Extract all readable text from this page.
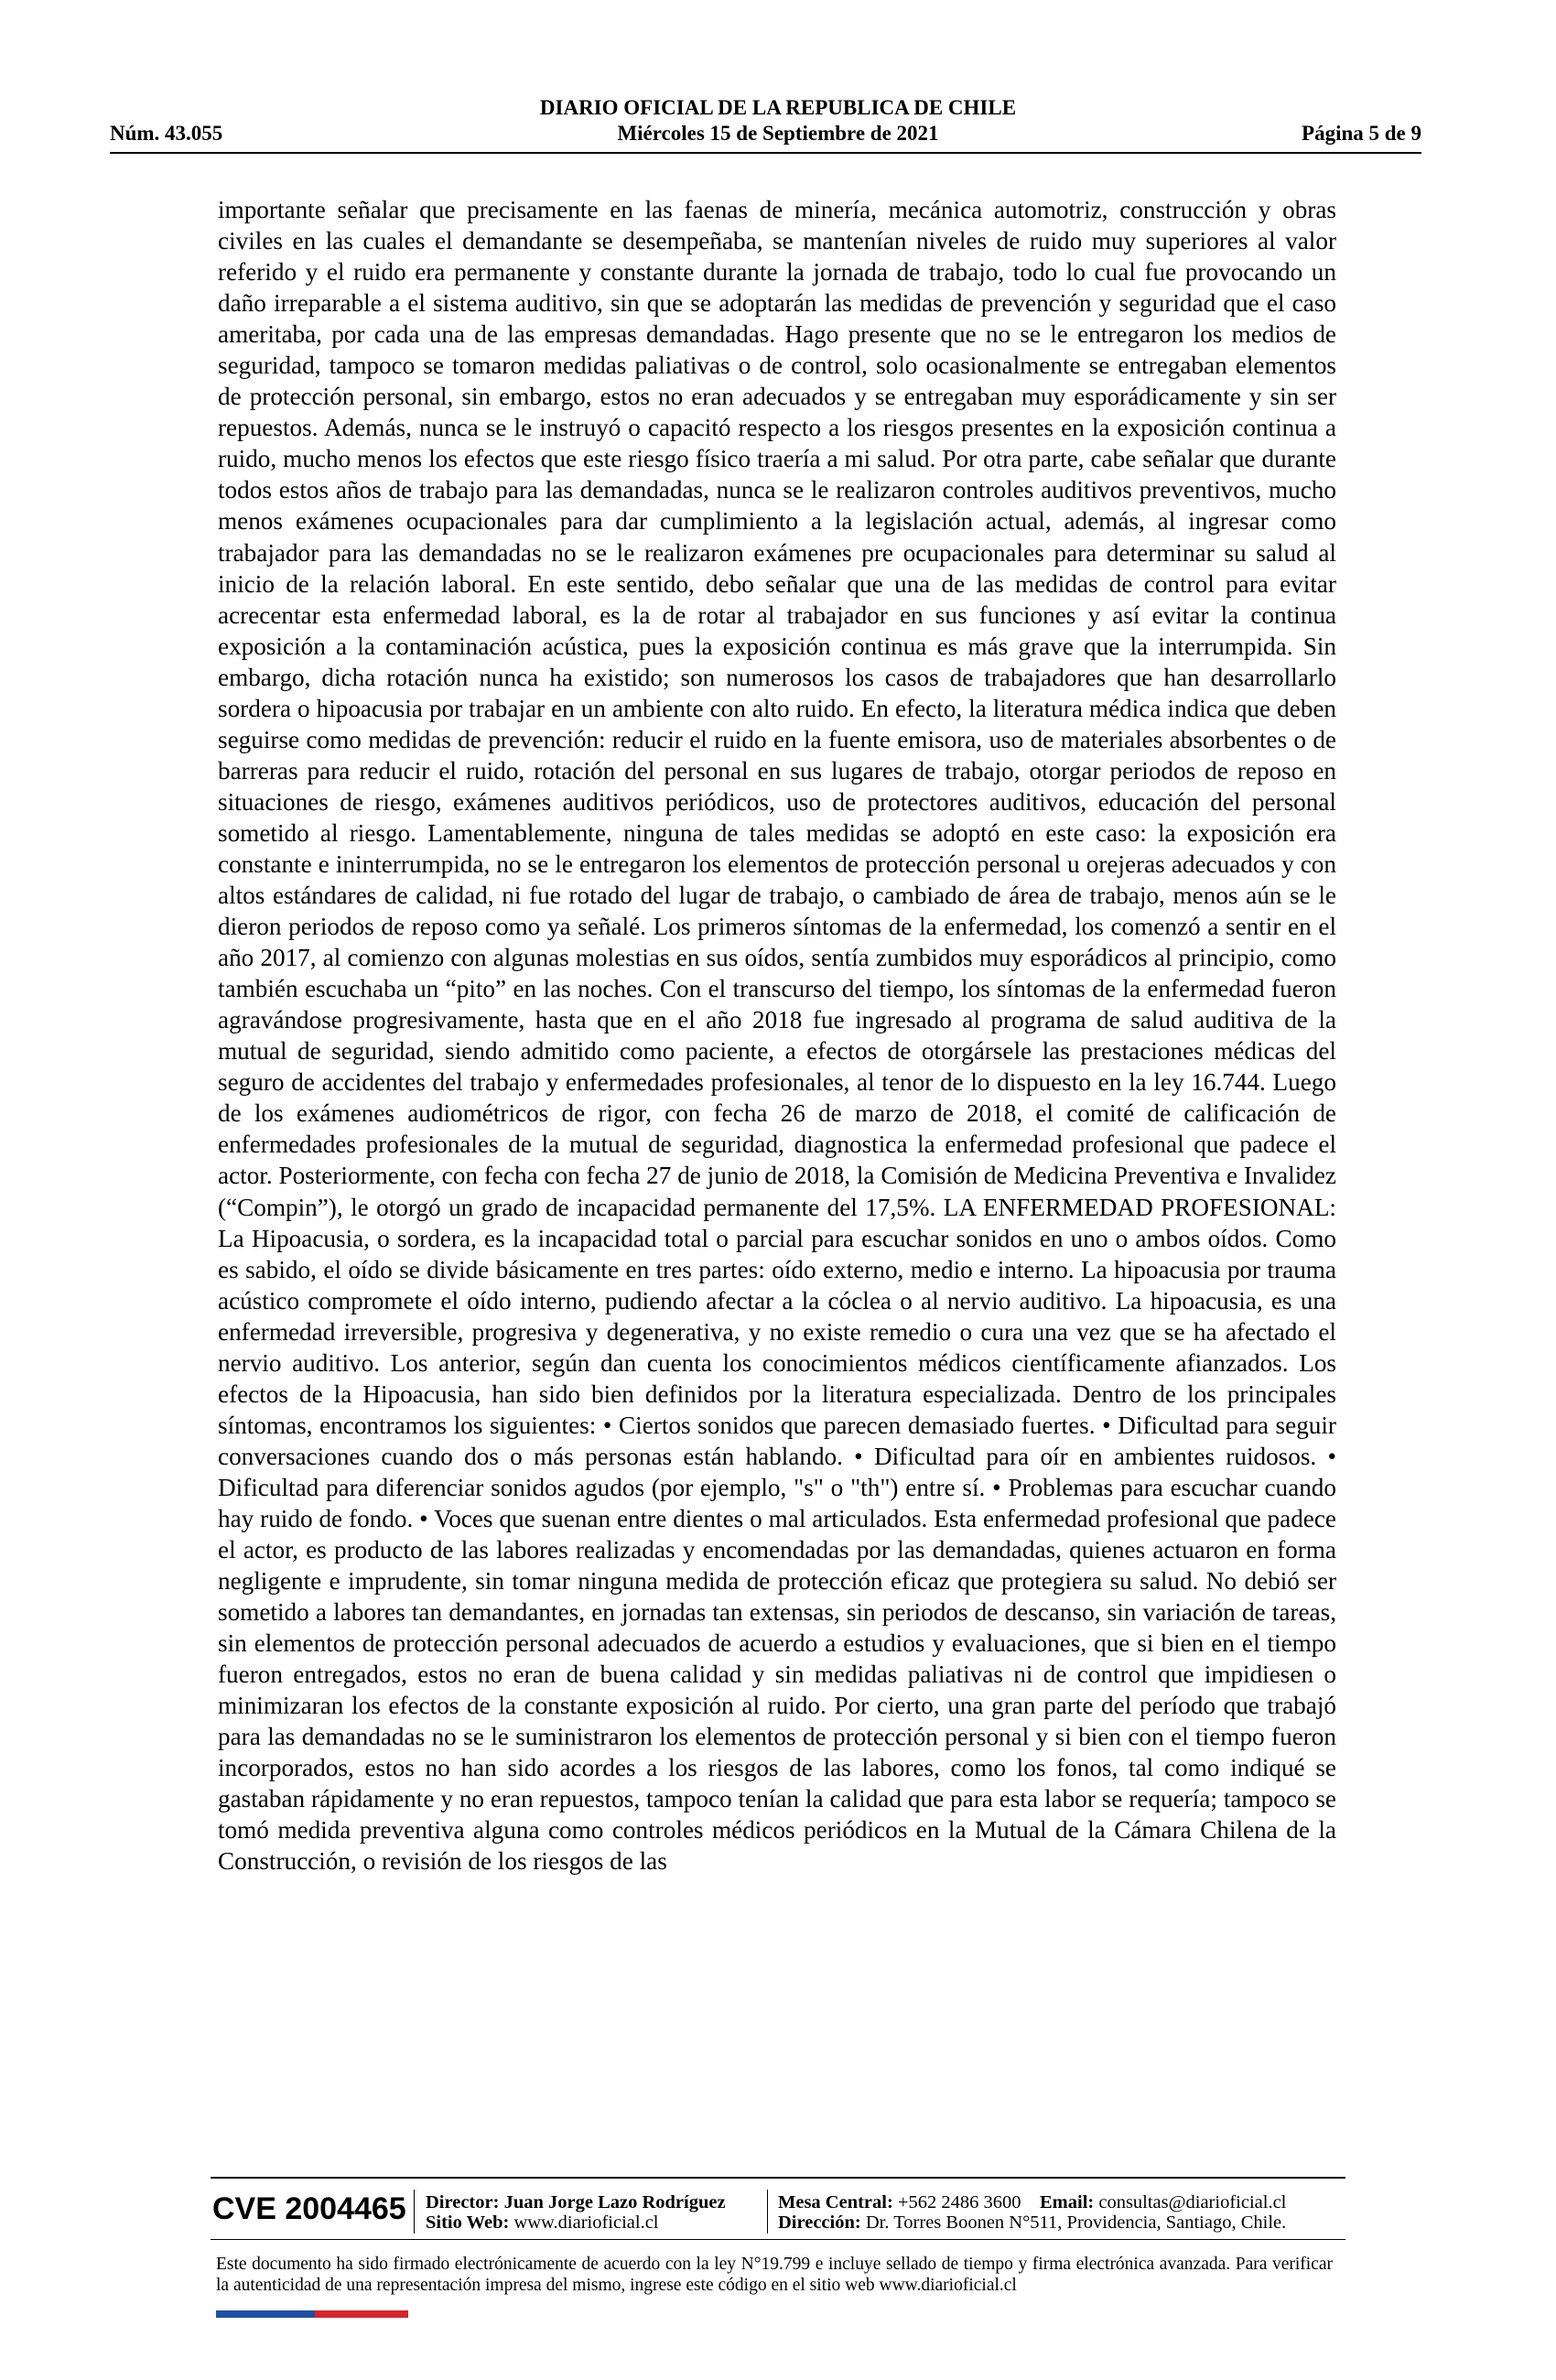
DIARIO OFICIAL DE LA REPUBLICA DE CHILE
Miércoles 15 de Septiembre de 2021
Núm. 43.055	Página 5 de 9
importante señalar que precisamente en las faenas de minería, mecánica automotriz, construcción y obras civiles en las cuales el demandante se desempeñaba, se mantenían niveles de ruido muy superiores al valor referido y el ruido era permanente y constante durante la jornada de trabajo, todo lo cual fue provocando un daño irreparable a el sistema auditivo, sin que se adoptarán las medidas de prevención y seguridad que el caso ameritaba, por cada una de las empresas demandadas. Hago presente que no se le entregaron los medios de seguridad, tampoco se tomaron medidas paliativas o de control, solo ocasionalmente se entregaban elementos de protección personal, sin embargo, estos no eran adecuados y se entregaban muy esporádicamente y sin ser repuestos. Además, nunca se le instruyó o capacitó respecto a los riesgos presentes en la exposición continua a ruido, mucho menos los efectos que este riesgo físico traería a mi salud. Por otra parte, cabe señalar que durante todos estos años de trabajo para las demandadas, nunca se le realizaron controles auditivos preventivos, mucho menos exámenes ocupacionales para dar cumplimiento a la legislación actual, además, al ingresar como trabajador para las demandadas no se le realizaron exámenes pre ocupacionales para determinar su salud al inicio de la relación laboral. En este sentido, debo señalar que una de las medidas de control para evitar acrecentar esta enfermedad laboral, es la de rotar al trabajador en sus funciones y así evitar la continua exposición a la contaminación acústica, pues la exposición continua es más grave que la interrumpida. Sin embargo, dicha rotación nunca ha existido; son numerosos los casos de trabajadores que han desarrollarlo sordera o hipoacusia por trabajar en un ambiente con alto ruido. En efecto, la literatura médica indica que deben seguirse como medidas de prevención: reducir el ruido en la fuente emisora, uso de materiales absorbentes o de barreras para reducir el ruido, rotación del personal en sus lugares de trabajo, otorgar periodos de reposo en situaciones de riesgo, exámenes auditivos periódicos, uso de protectores auditivos, educación del personal sometido al riesgo. Lamentablemente, ninguna de tales medidas se adoptó en este caso: la exposición era constante e ininterrumpida, no se le entregaron los elementos de protección personal u orejeras adecuados y con altos estándares de calidad, ni fue rotado del lugar de trabajo, o cambiado de área de trabajo, menos aún se le dieron periodos de reposo como ya señalé. Los primeros síntomas de la enfermedad, los comenzó a sentir en el año 2017, al comienzo con algunas molestias en sus oídos, sentía zumbidos muy esporádicos al principio, como también escuchaba un “pito” en las noches. Con el transcurso del tiempo, los síntomas de la enfermedad fueron agravándose progresivamente, hasta que en el año 2018 fue ingresado al programa de salud auditiva de la mutual de seguridad, siendo admitido como paciente, a efectos de otorgársele las prestaciones médicas del seguro de accidentes del trabajo y enfermedades profesionales, al tenor de lo dispuesto en la ley 16.744. Luego de los exámenes audiométricos de rigor, con fecha 26 de marzo de 2018, el comité de calificación de enfermedades profesionales de la mutual de seguridad, diagnostica la enfermedad profesional que padece el actor. Posteriormente, con fecha con fecha 27 de junio de 2018, la Comisión de Medicina Preventiva e Invalidez (“Compin”), le otorgó un grado de incapacidad permanente del 17,5%. LA ENFERMEDAD PROFESIONAL: La Hipoacusia, o sordera, es la incapacidad total o parcial para escuchar sonidos en uno o ambos oídos. Como es sabido, el oído se divide básicamente en tres partes: oído externo, medio e interno. La hipoacusia por trauma acústico compromete el oído interno, pudiendo afectar a la cóclea o al nervio auditivo. La hipoacusia, es una enfermedad irreversible, progresiva y degenerativa, y no existe remedio o cura una vez que se ha afectado el nervio auditivo. Los anterior, según dan cuenta los conocimientos médicos científicamente afianzados. Los efectos de la Hipoacusia, han sido bien definidos por la literatura especializada. Dentro de los principales síntomas, encontramos los siguientes: • Ciertos sonidos que parecen demasiado fuertes. • Dificultad para seguir conversaciones cuando dos o más personas están hablando. • Dificultad para oír en ambientes ruidosos. • Dificultad para diferenciar sonidos agudos (por ejemplo, "s" o "th") entre sí. • Problemas para escuchar cuando hay ruido de fondo. • Voces que suenan entre dientes o mal articulados. Esta enfermedad profesional que padece el actor, es producto de las labores realizadas y encomendadas por las demandadas, quienes actuaron en forma negligente e imprudente, sin tomar ninguna medida de protección eficaz que protegiera su salud. No debió ser sometido a labores tan demandantes, en jornadas tan extensas, sin periodos de descanso, sin variación de tareas, sin elementos de protección personal adecuados de acuerdo a estudios y evaluaciones, que si bien en el tiempo fueron entregados, estos no eran de buena calidad y sin medidas paliativas ni de control que impidiesen o minimizaran los efectos de la constante exposición al ruido. Por cierto, una gran parte del período que trabajó para las demandadas no se le suministraron los elementos de protección personal y si bien con el tiempo fueron incorporados, estos no han sido acordes a los riesgos de las labores, como los fonos, tal como indiqué se gastaban rápidamente y no eran repuestos, tampoco tenían la calidad que para esta labor se requería; tampoco se tomó medida preventiva alguna como controles médicos periódicos en la Mutual de la Cámara Chilena de la Construcción, o revisión de los riesgos de las
CVE 2004465 Director: Juan Jorge Lazo Rodríguez
Sitio Web: www.diarioficial.cl
Mesa Central: +562 2486 3600 Email: consultas@diarioficial.cl
Dirección: Dr. Torres Boonen N°511, Providencia, Santiago, Chile.
Este documento ha sido firmado electrónicamente de acuerdo con la ley N°19.799 e incluye sellado de tiempo y firma electrónica avanzada. Para verificar la autenticidad de una representación impresa del mismo, ingrese este código en el sitio web www.diarioficial.cl
